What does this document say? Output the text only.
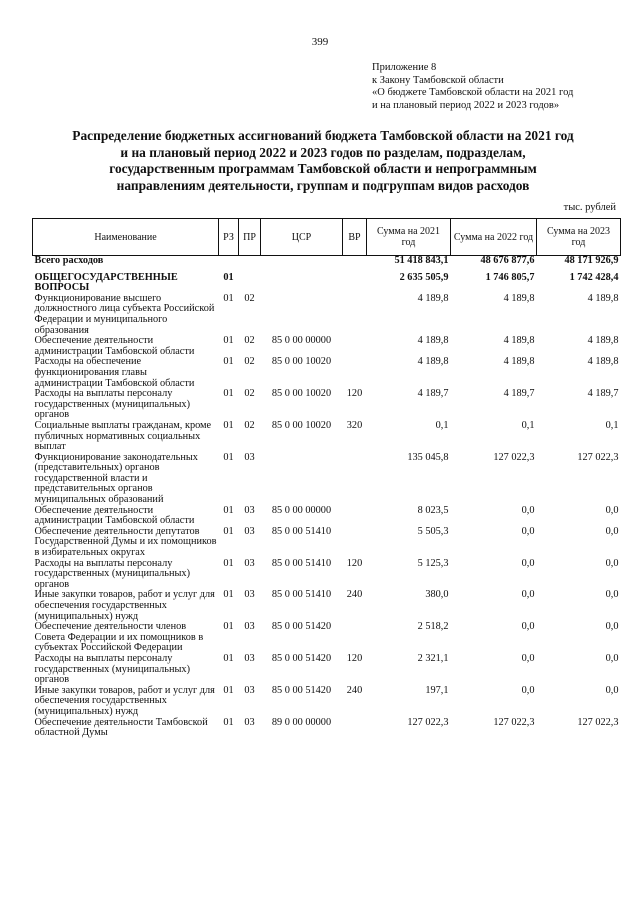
399
Приложение 8
к Закону Тамбовской области
«О бюджете Тамбовской области на 2021 год
и на плановый период 2022 и 2023 годов»
Распределение бюджетных ассигнований бюджета Тамбовской области на 2021 год
и на плановый период 2022 и 2023 годов по разделам, подразделам,
государственным программам Тамбовской области и непрограммным
направлениям деятельности, группам и подгруппам видов расходов
тыс. рублей
Наименование	РЗ	ПР	ЦСР	ВР	Сумма на 2021 год	Сумма на 2022 год	Сумма на 2023 год
Всего расходов					51 418 843,1	48 676 877,6	48 171 926,9

ОБЩЕГОСУДАРСТВЕННЫЕ ВОПРОСЫ	01				2 635 505,9	1 746 805,7	1 742 428,4
Функционирование высшего должностного лица субъекта Российской Федерации и муниципального образования	01	02			4 189,8	4 189,8	4 189,8
Обеспечение деятельности администрации Тамбовской области	01	02	85 0 00 00000		4 189,8	4 189,8	4 189,8
Расходы на обеспечение функционирования главы администрации Тамбовской области	01	02	85 0 00 10020		4 189,8	4 189,8	4 189,8
Расходы на выплаты персоналу государственных (муниципальных) органов	01	02	85 0 00 10020	120	4 189,7	4 189,7	4 189,7
Социальные выплаты гражданам, кроме публичных нормативных социальных выплат	01	02	85 0 00 10020	320	0,1	0,1	0,1
Функционирование законодательных (представительных) органов государственной власти и представительных органов муниципальных образований	01	03			135 045,8	127 022,3	127 022,3
Обеспечение деятельности администрации Тамбовской области	01	03	85 0 00 00000		8 023,5	0,0	0,0
Обеспечение деятельности депутатов Государственной Думы и их помощников в избирательных округах	01	03	85 0 00 51410		5 505,3	0,0	0,0
Расходы на выплаты персоналу государственных (муниципальных) органов	01	03	85 0 00 51410	120	5 125,3	0,0	0,0
Иные закупки товаров, работ и услуг для обеспечения государственных (муниципальных) нужд	01	03	85 0 00 51410	240	380,0	0,0	0,0
Обеспечение деятельности членов Совета Федерации и их помощников в субъектах Российской Федерации	01	03	85 0 00 51420		2 518,2	0,0	0,0
Расходы на выплаты персоналу государственных (муниципальных) органов	01	03	85 0 00 51420	120	2 321,1	0,0	0,0
Иные закупки товаров, работ и услуг для обеспечения государственных (муниципальных) нужд	01	03	85 0 00 51420	240	197,1	0,0	0,0
Обеспечение деятельности Тамбовской областной Думы	01	03	89 0 00 00000		127 022,3	127 022,3	127 022,3
